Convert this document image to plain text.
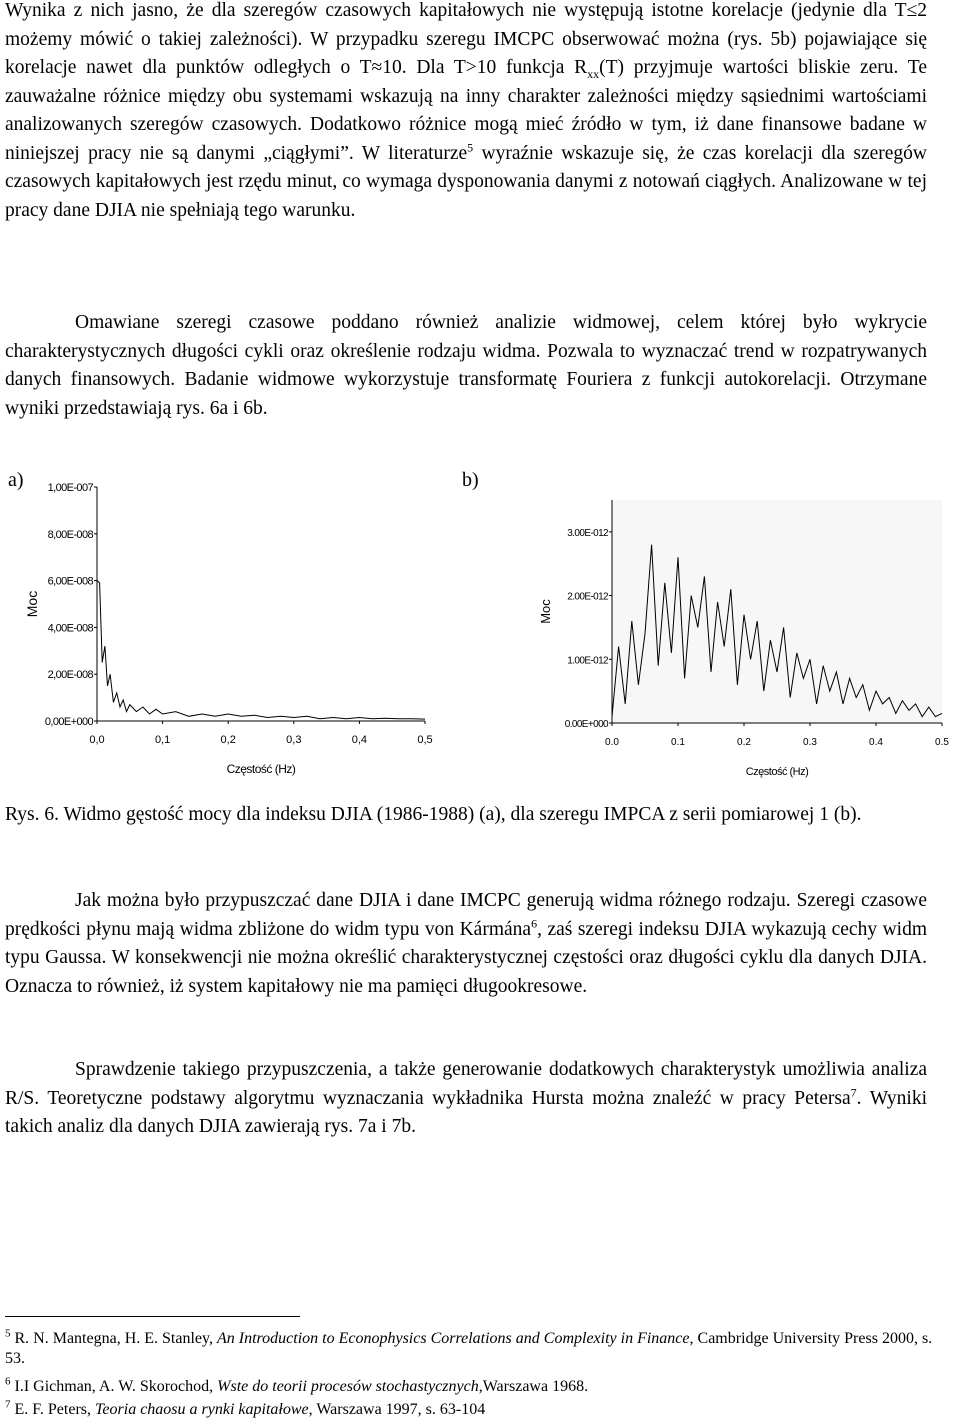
Wynika z nich jasno, że dla szeregów czasowych kapitałowych nie występują istotne korelacje (jedynie dla T≤2 możemy mówić o takiej zależności). W przypadku szeregu IMCPC obserwować można (rys. 5b) pojawiające się korelacje nawet dla punktów odległych o T≈10. Dla T>10 funkcja $R_{xx}(T)$ przyjmuje wartości bliskie zeru. Te zauważalne różnice między obu systemami wskazują na inny charakter zależności między sąsiednimi wartościami analizowanych szeregów czasowych. Dodatkowo różnice mogą mieć źródło w tym, iż dane finansowe badane w niniejszej pracy nie są danymi „ciągłymi”. W literaturze$^5$ wyraźnie wskazuje się, że czas korelacji dla szeregów czasowych kapitałowych jest rzędu minut, co wymaga dysponowania danymi z notowań ciągłych. Analizowane w tej pracy dane DJIA nie spełniają tego warunku.

Omawiane szeregi czasowe poddano również analizie widmowej, celem której było wykrycie charakterystycznych długości cykli oraz określenie rodzaju widma. Pozwala to wyznaczać trend w rozpatrywanych danych finansowych. Badanie widmowe wykorzystuje transformatę Fouriera z funkcji autokorelacji. Otrzymane wyniki przedstawiają rys. 6a i 6b.

a)	b)
1,00E-007
8,00E-008
6,00E-008
4,00E-008
2,00E-008
0,00E+000
0,0	0,1	0,2	0,3	0,4	0,5
Częstość (Hz)
Moc
3.00E-012
2.00E-012
1.00E-012
0.00E+000
0.0	0.1	0.2	0.3	0.4	0.5
Częstość (Hz)
Moc

Rys. 6. Widmo gęstość mocy dla indeksu DJIA (1986-1988) (a), dla szeregu IMPCA z serii pomiarowej 1 (b).

Jak można było przypuszczać dane DJIA i dane IMCPC generują widma różnego rodzaju. Szeregi czasowe prędkości płynu mają widma zbliżone do widm typu von Kármána$^6$, zaś szeregi indeksu DJIA wykazują cechy widm typu Gaussa. W konsekwencji nie można określić charakterystycznej częstości oraz długości cyklu dla danych DJIA. Oznacza to również, iż system kapitałowy nie ma pamięci długookresowe.

Sprawdzenie takiego przypuszczenia, a także generowanie dodatkowych charakterystyk umożliwia analiza R/S. Teoretyczne podstawy algorytmu wyznaczania wykładnika Hursta można znaleźć w pracy Petersa$^7$. Wyniki takich analiz dla danych DJIA zawierają rys. 7a i 7b.

$^5$ R. N. Mantegna, H. E. Stanley, An Introduction to Econophysics Correlations and Complexity in Finance, Cambridge University Press 2000, s. 53.
$^6$ I.I Gichman, A. W. Skorochod, Wste do teorii procesów stochastycznych,Warszawa 1968.
$^7$ E. F. Peters, Teoria chaosu a rynki kapitałowe, Warszawa 1997, s. 63-104
